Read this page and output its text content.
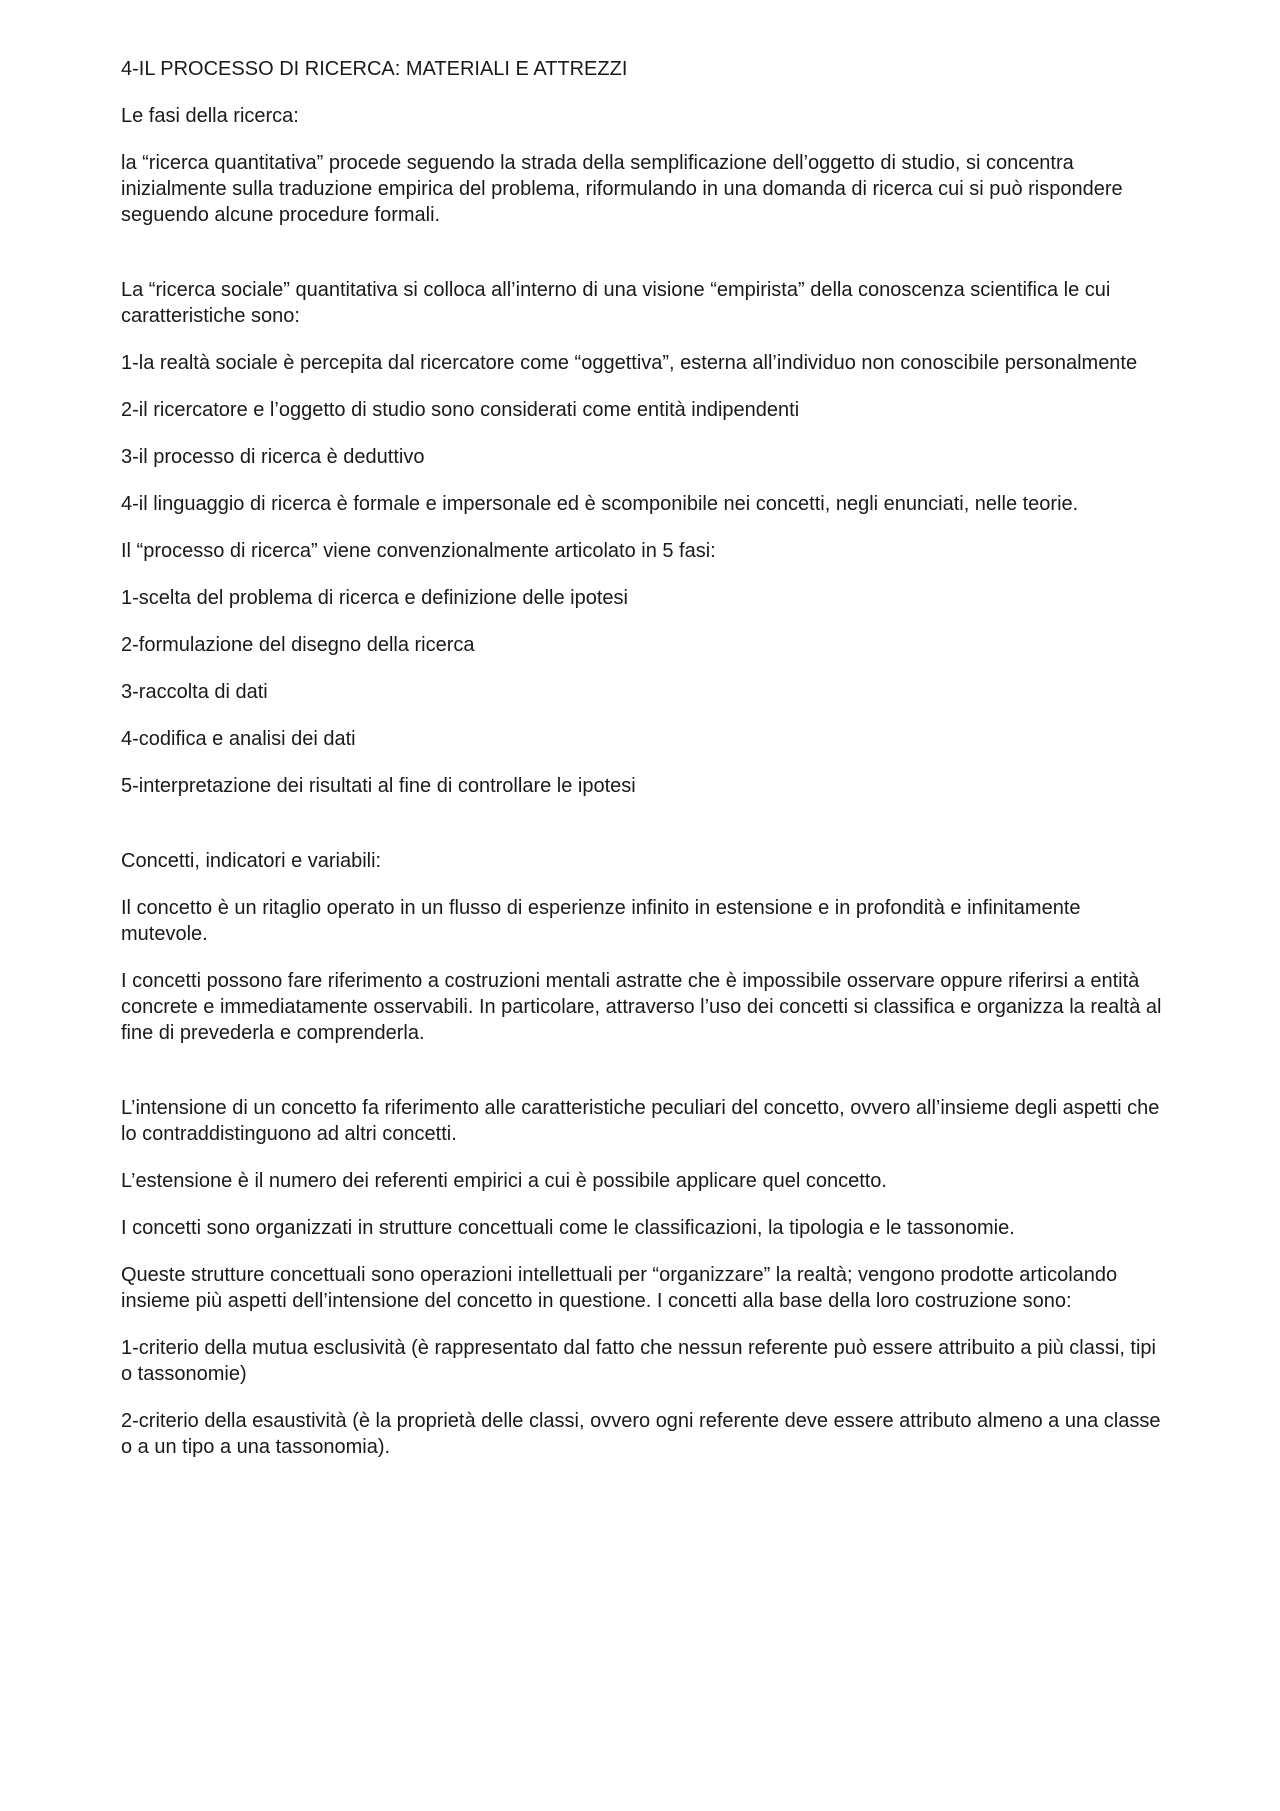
4-IL PROCESSO DI RICERCA: MATERIALI E ATTREZZI

Le fasi della ricerca:

la “ricerca quantitativa” procede seguendo la strada della semplificazione dell’oggetto di studio, si concentra inizialmente sulla traduzione empirica del problema, riformulando in una domanda di ricerca cui si può rispondere seguendo alcune procedure formali.

La “ricerca sociale” quantitativa si colloca all’interno di una visione “empirista” della conoscenza scientifica le cui caratteristiche sono:

1-la realtà sociale è percepita dal ricercatore come “oggettiva”, esterna all’individuo non conoscibile personalmente

2-il ricercatore e l’oggetto di studio sono considerati come entità indipendenti

3-il processo di ricerca è deduttivo

4-il linguaggio di ricerca è formale e impersonale ed è scomponibile nei concetti, negli enunciati, nelle teorie.

Il “processo di ricerca” viene convenzionalmente articolato in 5 fasi:

1-scelta del problema di ricerca e definizione delle ipotesi

2-formulazione del disegno della ricerca

3-raccolta di dati

4-codifica e analisi dei dati

5-interpretazione dei risultati al fine di controllare le ipotesi

Concetti, indicatori e variabili:

Il concetto è un ritaglio operato in un flusso di esperienze infinito in estensione e in profondità e infinitamente mutevole.

I concetti possono fare riferimento a costruzioni mentali astratte che è impossibile osservare oppure riferirsi a entità concrete e immediatamente osservabili. In particolare, attraverso l’uso dei concetti si classifica e organizza la realtà al fine di prevederla e comprenderla.

L’intensione di un concetto fa riferimento alle caratteristiche peculiari del concetto, ovvero all’insieme degli aspetti che lo contraddistinguono ad altri concetti.

L’estensione è il numero dei referenti empirici a cui è possibile applicare quel concetto.

I concetti sono organizzati in strutture concettuali come le classificazioni, la tipologia e le tassonomie.

Queste strutture concettuali sono operazioni intellettuali per “organizzare” la realtà; vengono prodotte articolando insieme più aspetti dell’intensione del concetto in questione. I concetti alla base della loro costruzione sono:

1-criterio della mutua esclusività (è rappresentato dal fatto che nessun referente può essere attribuito a più classi, tipi o tassonomie)

2-criterio della esaustività (è la proprietà delle classi, ovvero ogni referente deve essere attributo almeno a una classe o a un tipo a una tassonomia).
